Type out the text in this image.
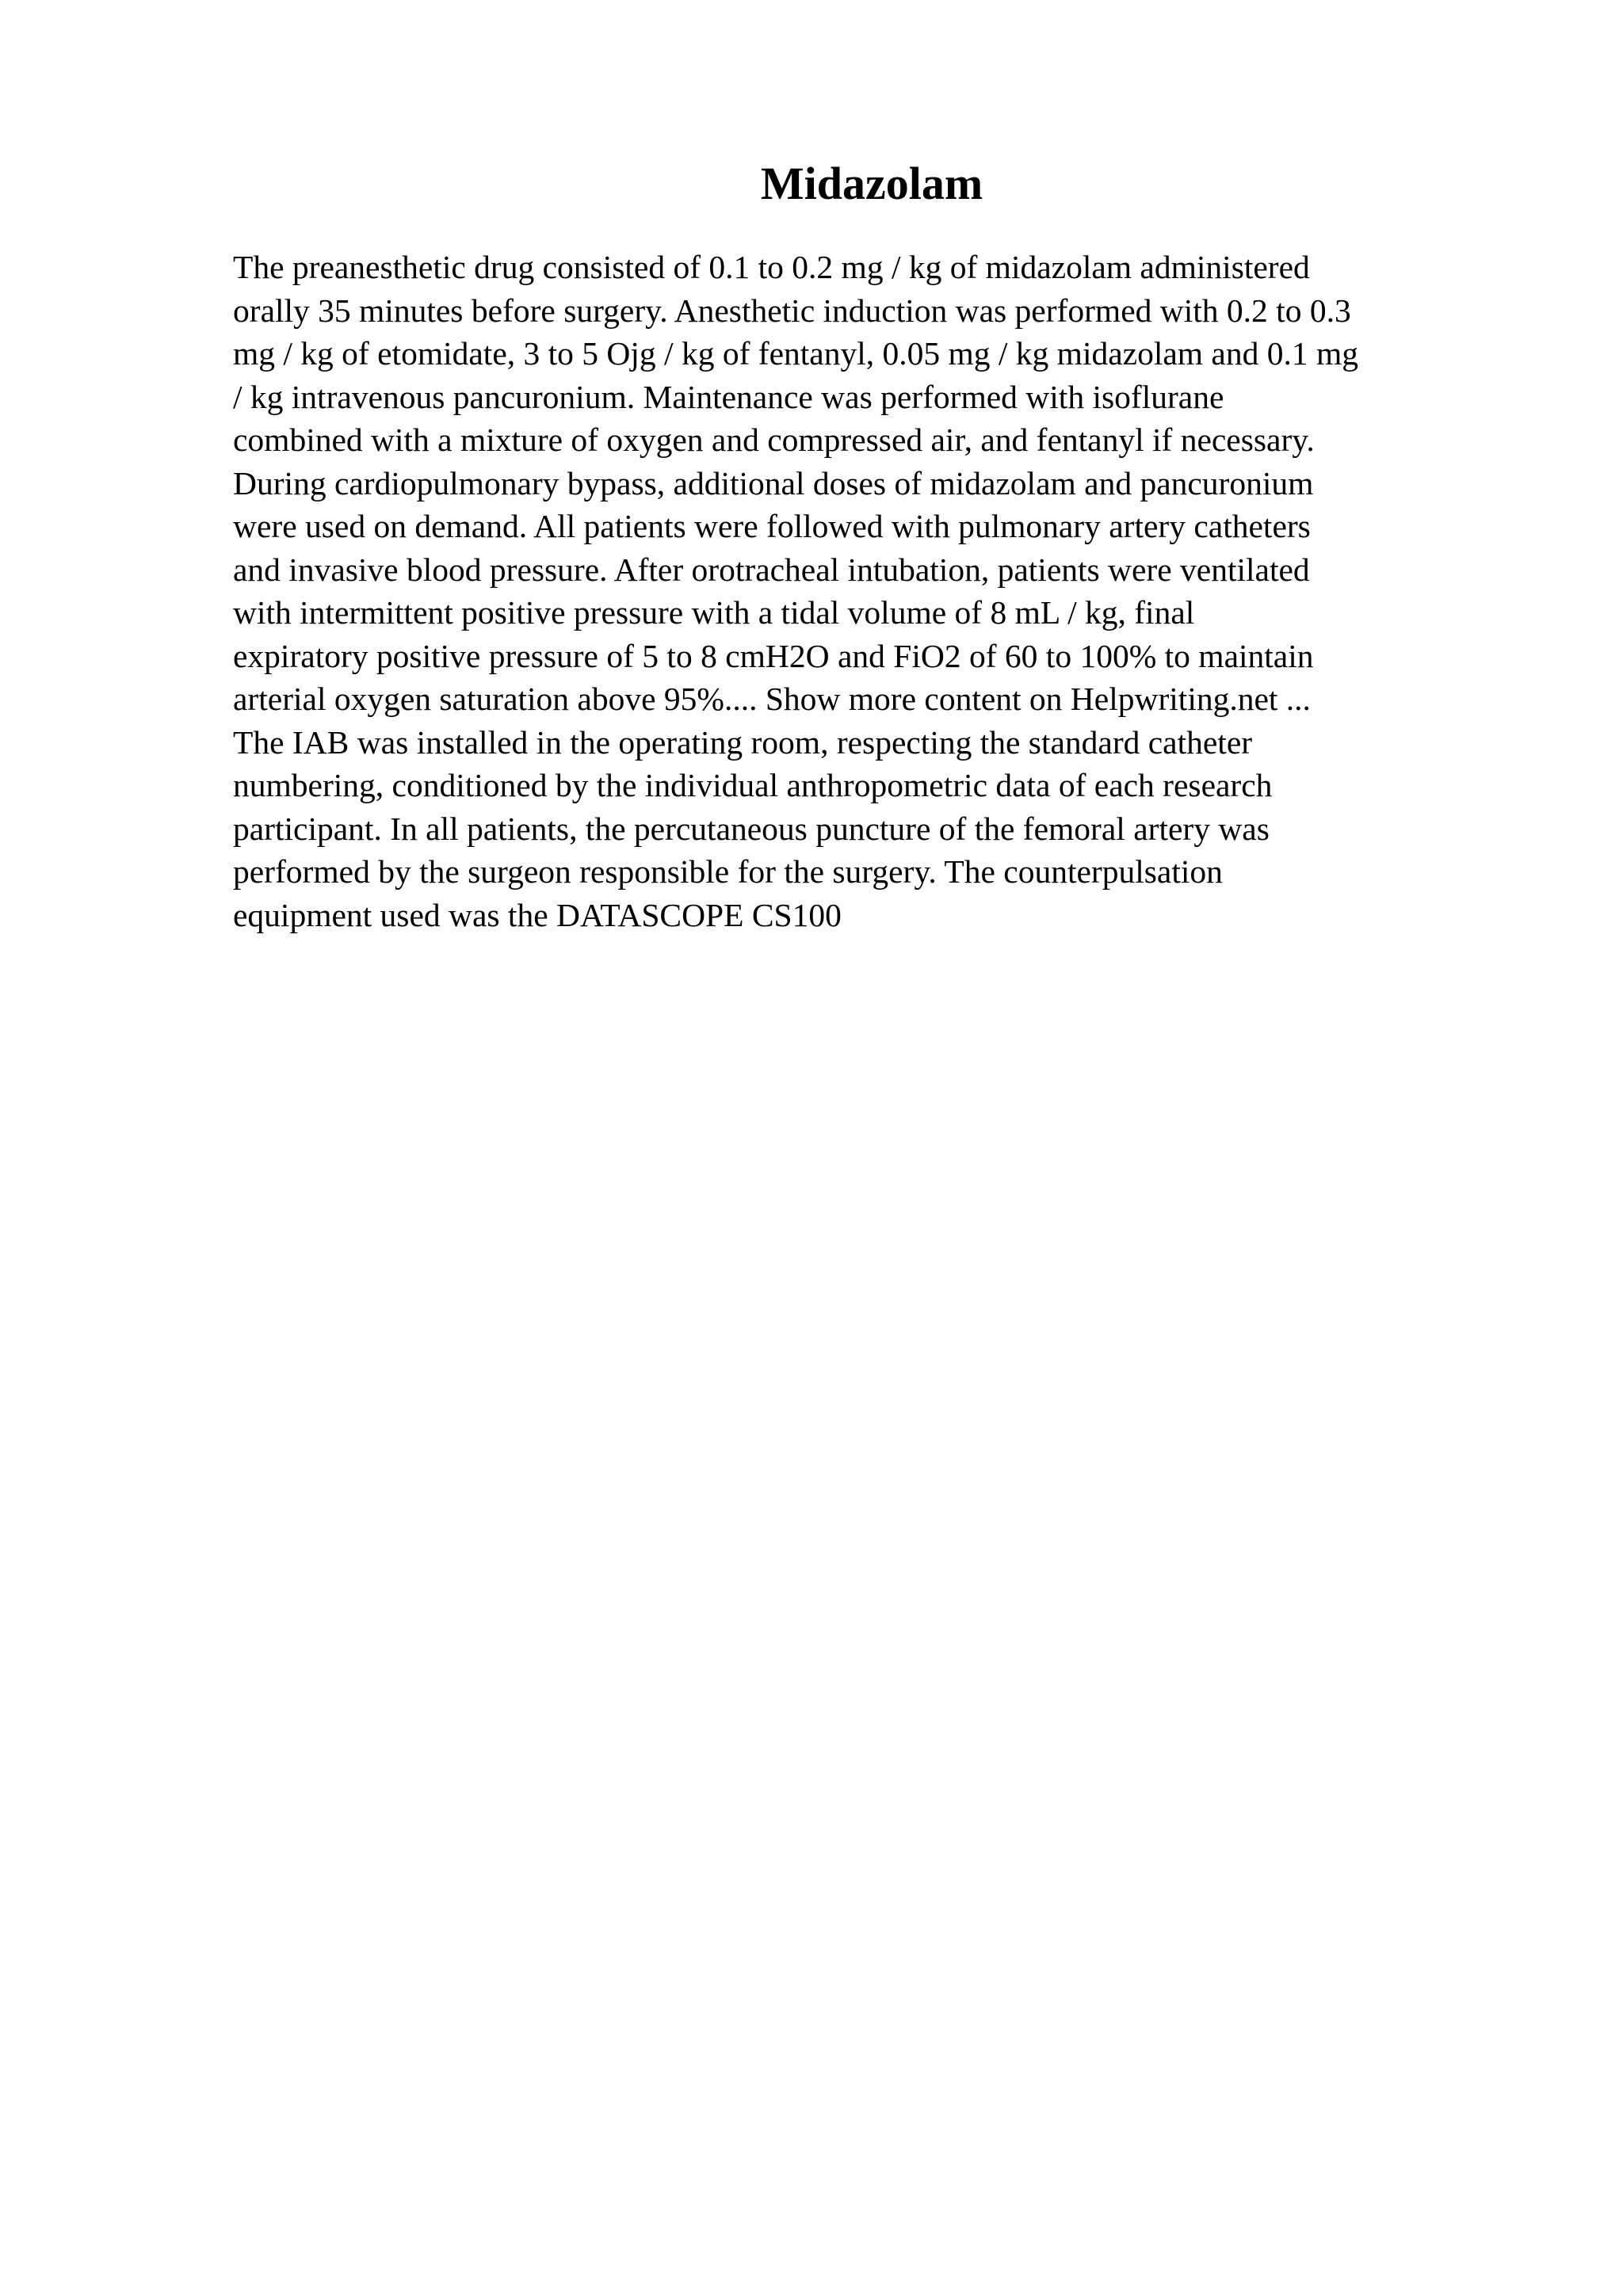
Midazolam
The preanesthetic drug consisted of 0.1 to 0.2 mg / kg of midazolam administered
orally 35 minutes before surgery. Anesthetic induction was performed with 0.2 to 0.3
mg / kg of etomidate, 3 to 5 Ojg / kg of fentanyl, 0.05 mg / kg midazolam and 0.1 mg
/ kg intravenous pancuronium. Maintenance was performed with isoflurane
combined with a mixture of oxygen and compressed air, and fentanyl if necessary.
During cardiopulmonary bypass, additional doses of midazolam and pancuronium
were used on demand. All patients were followed with pulmonary artery catheters
and invasive blood pressure. After orotracheal intubation, patients were ventilated
with intermittent positive pressure with a tidal volume of 8 mL / kg, final
expiratory positive pressure of 5 to 8 cmH2O and FiO2 of 60 to 100% to maintain
arterial oxygen saturation above 95%.... Show more content on Helpwriting.net ...
The IAB was installed in the operating room, respecting the standard catheter
numbering, conditioned by the individual anthropometric data of each research
participant. In all patients, the percutaneous puncture of the femoral artery was
performed by the surgeon responsible for the surgery. The counterpulsation
equipment used was the DATASCOPE CS100
